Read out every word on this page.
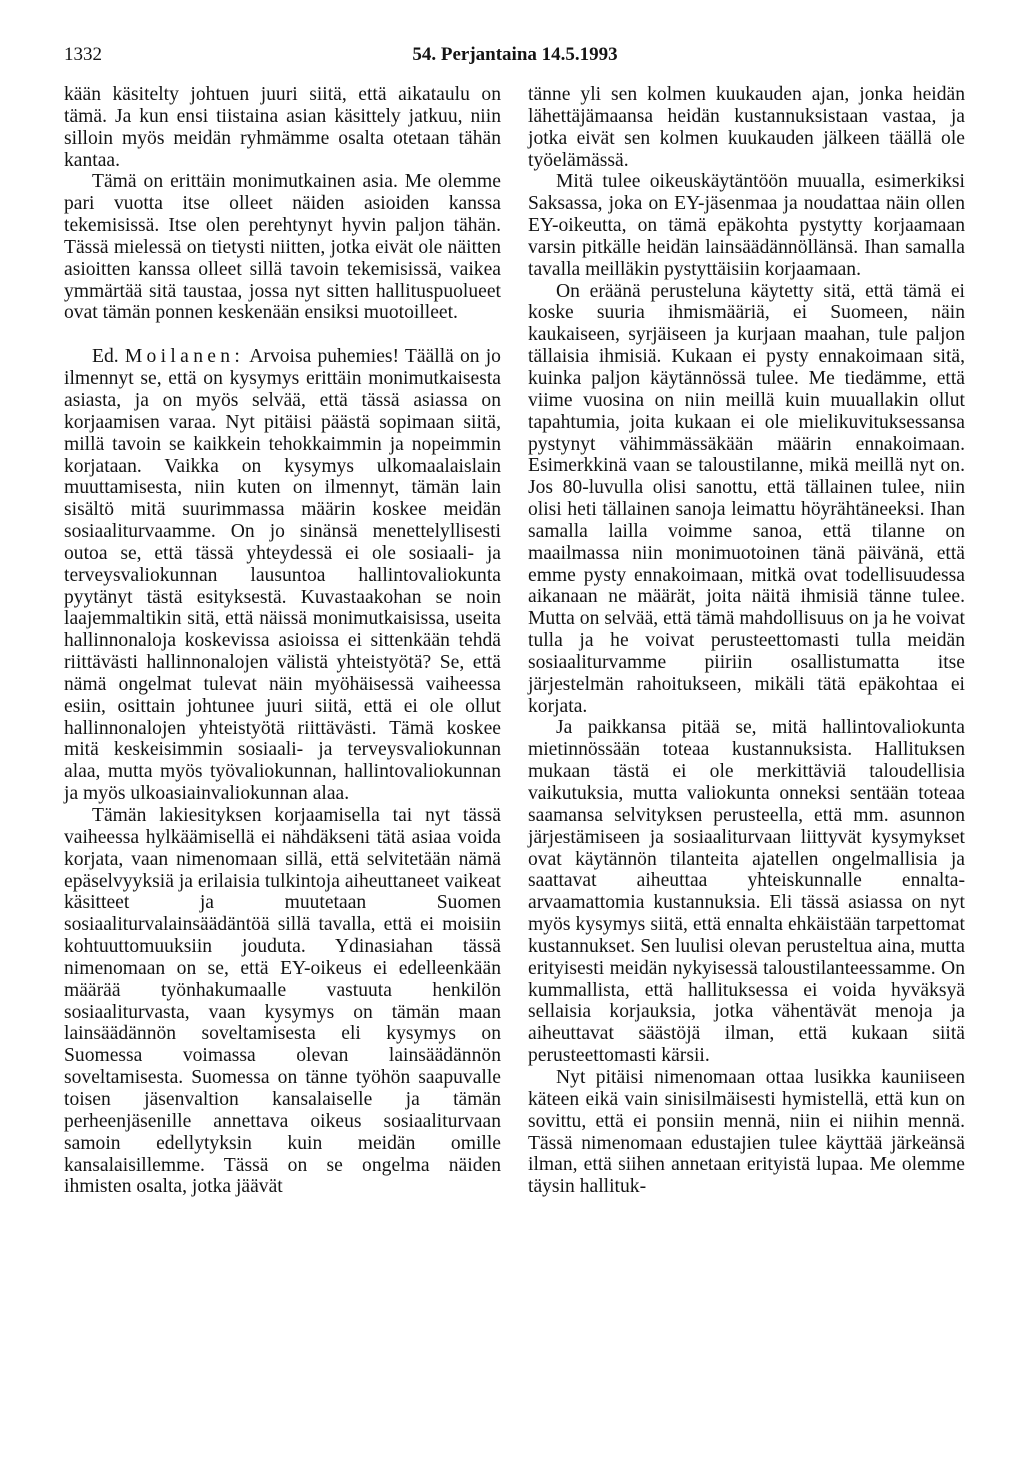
1332	54. Perjantaina 14.5.1993

kään käsitelty johtuen juuri siitä, että aikataulu on tämä. Ja kun ensi tiistaina asian käsittely jatkuu, niin silloin myös meidän ryhmämme osalta otetaan tähän kantaa.

Tämä on erittäin monimutkainen asia. Me olemme pari vuotta itse olleet näiden asioiden kanssa tekemisissä. Itse olen perehtynyt hyvin paljon tähän. Tässä mielessä on tietysti niitten, jotka eivät ole näitten asioitten kanssa olleet sillä tavoin tekemisissä, vaikea ymmärtää sitä taustaa, jossa nyt sitten hallituspuolueet ovat tämän ponnen keskenään ensiksi muotoilleet.

Ed. Moilanen: Arvoisa puhemies! Täällä on jo ilmennyt se, että on kysymys erittäin monimutkaisesta asiasta, ja on myös selvää, että tässä asiassa on korjaamisen varaa. Nyt pitäisi päästä sopimaan siitä, millä tavoin se kaikkein tehokkaimmin ja nopeimmin korjataan. Vaikka on kysymys ulkomaalaislain muuttamisesta, niin kuten on ilmennyt, tämän lain sisältö mitä suurimmassa määrin koskee meidän sosiaaliturvaamme. On jo sinänsä menettelyllisesti outoa se, että tässä yhteydessä ei ole sosiaali- ja terveysvaliokunnan lausuntoa hallintovaliokunta pyytänyt tästä esityksestä. Kuvastaakohan se noin laajemmaltikin sitä, että näissä monimutkaisissa, useita hallinnonaloja koskevissa asioissa ei sittenkään tehdä riittävästi hallinnonalojen välistä yhteistyötä? Se, että nämä ongelmat tulevat näin myöhäisessä vaiheessa esiin, osittain johtunee juuri siitä, että ei ole ollut hallinnonalojen yhteistyötä riittävästi. Tämä koskee mitä keskeisimmin sosiaali- ja terveysvaliokunnan alaa, mutta myös työvaliokunnan, hallintovaliokunnan ja myös ulkoasiainvaliokunnan alaa.

Tämän lakiesityksen korjaamisella tai nyt tässä vaiheessa hylkäämisellä ei nähdäkseni tätä asiaa voida korjata, vaan nimenomaan sillä, että selvitetään nämä epäselvyyksiä ja erilaisia tulkintoja aiheuttaneet vaikeat käsitteet ja muutetaan Suomen sosiaaliturvalainsäädäntöä sillä tavalla, että ei moisiin kohtuuttomuuksiin jouduta. Ydinasiahan tässä nimenomaan on se, että EY-oikeus ei edelleenkään määrää työnhakumaalle vastuuta henkilön sosiaaliturvasta, vaan kysymys on tämän maan lainsäädännön soveltamisesta eli kysymys on Suomessa voimassa olevan lainsäädännön soveltamisesta. Suomessa on tänne työhön saapuvalle toisen jäsenvaltion kansalaiselle ja tämän perheenjäsenille annettava oikeus sosiaaliturvaan samoin edellytyksin kuin meidän omille kansalaisillemme. Tässä on se ongelma näiden ihmisten osalta, jotka jäävät

tänne yli sen kolmen kuukauden ajan, jonka heidän lähettäjämaansa heidän kustannuksistaan vastaa, ja jotka eivät sen kolmen kuukauden jälkeen täällä ole työelämässä.

Mitä tulee oikeuskäytäntöön muualla, esimerkiksi Saksassa, joka on EY-jäsenmaa ja noudattaa näin ollen EY-oikeutta, on tämä epäkohta pystytty korjaamaan varsin pitkälle heidän lainsäädännöllänsä. Ihan samalla tavalla meilläkin pystyttäisiin korjaamaan.

On eräänä perusteluna käytetty sitä, että tämä ei koske suuria ihmismääriä, ei Suomeen, näin kaukaiseen, syrjäiseen ja kurjaan maahan, tule paljon tällaisia ihmisiä. Kukaan ei pysty ennakoimaan sitä, kuinka paljon käytännössä tulee. Me tiedämme, että viime vuosina on niin meillä kuin muuallakin ollut tapahtumia, joita kukaan ei ole mielikuvituksessansa pystynyt vähimmässäkään määrin ennakoimaan. Esimerkkinä vaan se taloustilanne, mikä meillä nyt on. Jos 80-luvulla olisi sanottu, että tällainen tulee, niin olisi heti tällainen sanoja leimattu höyrähtäneeksi. Ihan samalla lailla voimme sanoa, että tilanne on maailmassa niin monimuotoinen tänä päivänä, että emme pysty ennakoimaan, mitkä ovat todellisuudessa aikanaan ne määrät, joita näitä ihmisiä tänne tulee. Mutta on selvää, että tämä mahdollisuus on ja he voivat tulla ja he voivat perusteettomasti tulla meidän sosiaaliturvamme piiriin osallistumatta itse järjestelmän rahoitukseen, mikäli tätä epäkohtaa ei korjata.

Ja paikkansa pitää se, mitä hallintovaliokunta mietinnössään toteaa kustannuksista. Hallituksen mukaan tästä ei ole merkittäviä taloudellisia vaikutuksia, mutta valiokunta onneksi sentään toteaa saamansa selvityksen perusteella, että mm. asunnon järjestämiseen ja sosiaaliturvaan liittyvät kysymykset ovat käytännön tilanteita ajatellen ongelmallisia ja saattavat aiheuttaa yhteiskunnalle ennalta-arvaamattomia kustannuksia. Eli tässä asiassa on nyt myös kysymys siitä, että ennalta ehkäistään tarpettomat kustannukset. Sen luulisi olevan perusteltua aina, mutta erityisesti meidän nykyisessä taloustilanteessamme. On kummallista, että hallituksessa ei voida hyväksyä sellaisia korjauksia, jotka vähentävät menoja ja aiheuttavat säästöjä ilman, että kukaan siitä perusteettomasti kärsii.

Nyt pitäisi nimenomaan ottaa lusikka kauniiseen käteen eikä vain sinisilmäisesti hymistellä, että kun on sovittu, että ei ponsiin mennä, niin ei niihin mennä. Tässä nimenomaan edustajien tulee käyttää järkeänsä ilman, että siihen annetaan erityistä lupaa. Me olemme täysin hallituk-
